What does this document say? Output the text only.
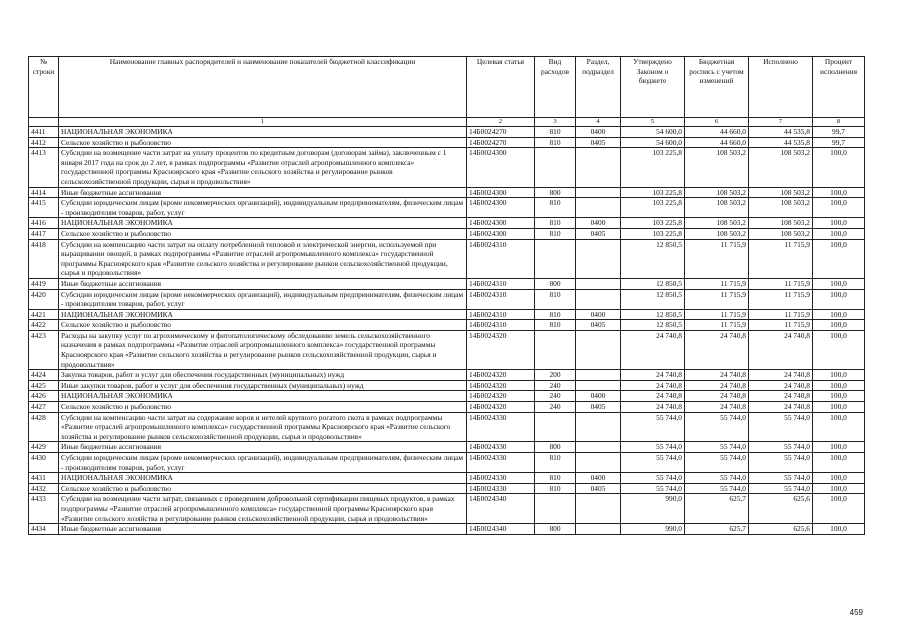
№ строки	Наименование главных распорядителей и наименование показателей бюджетной классификации	Целевая статья	Вид расходов	Раздел, подраздел	Утверждено Законом о бюджете	Бюджетная роспись с учетом изменений	Исполнено	Процент исполнения
	1	2	3	4	5	6	7	8
4411	НАЦИОНАЛЬНАЯ ЭКОНОМИКА	14Б0024270	810	0400	54 600,0	44 660,0	44 535,8	99,7
4412	Сельское хозяйство и рыболовство	14Б0024270	810	0405	54 600,0	44 660,0	44 535,8	99,7
4413	Субсидии на возмещение части затрат на уплату процентов по кредитным договорам (договорам займа), заключенным с 1 января 2017 года на срок до 2 лет, в рамках подпрограммы «Развитие отраслей агропромышленного комплекса» государственной программы Красноярского края «Развитие сельского хозяйства и регулирование рынков сельскохозяйственной продукции, сырья и продовольствия»	14Б0024300			103 225,8	108 503,2	108 503,2	100,0
4414	Иные бюджетные ассигнования	14Б0024300	800		103 225,8	108 503,2	108 503,2	100,0
4415	Субсидии юридическим лицам (кроме некоммерческих организаций), индивидуальным предпринимателям, физическим лицам - производителям товаров, работ, услуг	14Б0024300	810		103 225,8	108 503,2	108 503,2	100,0
4416	НАЦИОНАЛЬНАЯ ЭКОНОМИКА	14Б0024300	810	0400	103 225,8	108 503,2	108 503,2	100,0
4417	Сельское хозяйство и рыболовство	14Б0024300	810	0405	103 225,8	108 503,2	108 503,2	100,0
4418	Субсидии на компенсацию части затрат на оплату потребленной тепловой и электрической энергии, используемой при выращивании овощей, в рамках подпрограммы «Развитие отраслей агропромышленного комплекса» государственной программы Красноярского края «Развитие сельского хозяйства и регулирование рынков сельскохозяйственной продукции, сырья и продовольствия»	14Б0024310			12 850,5	11 715,9	11 715,9	100,0
4419	Иные бюджетные ассигнования	14Б0024310	800		12 850,5	11 715,9	11 715,9	100,0
4420	Субсидии юридическим лицам (кроме некоммерческих организаций), индивидуальным предпринимателям, физическим лицам - производителям товаров, работ, услуг	14Б0024310	810		12 850,5	11 715,9	11 715,9	100,0
4421	НАЦИОНАЛЬНАЯ ЭКОНОМИКА	14Б0024310	810	0400	12 850,5	11 715,9	11 715,9	100,0
4422	Сельское хозяйство и рыболовство	14Б0024310	810	0405	12 850,5	11 715,9	11 715,9	100,0
4423	Расходы на закупку услуг по агрохимическому и фитопатологическому обследованию земель сельскохозяйственного назначения в рамках подпрограммы «Развитие отраслей агропромышленного комплекса» государственной программы Красноярского края «Развитие сельского хозяйства и регулирование рынков сельскохозяйственной продукции, сырья и продовольствия»	14Б0024320			24 740,8	24 740,8	24 740,8	100,0
4424	Закупка товаров, работ и услуг для обеспечения государственных (муниципальных) нужд	14Б0024320	200		24 740,8	24 740,8	24 740,8	100,0
4425	Иные закупки товаров, работ и услуг для обеспечения государственных (муниципальных) нужд	14Б0024320	240		24 740,8	24 740,8	24 740,8	100,0
4426	НАЦИОНАЛЬНАЯ ЭКОНОМИКА	14Б0024320	240	0400	24 740,8	24 740,8	24 740,8	100,0
4427	Сельское хозяйство и рыболовство	14Б0024320	240	0405	24 740,8	24 740,8	24 740,8	100,0
4428	Субсидии на компенсацию части затрат на содержание коров и нетелей крупного рогатого скота в рамках подпрограммы «Развитие отраслей агропромышленного комплекса» государственной программы Красноярского края «Развитие сельского хозяйства и регулирование рынков сельскохозяйственной продукции, сырья и продовольствия»	14Б0024330			55 744,0	55 744,0	55 744,0	100,0
4429	Иные бюджетные ассигнования	14Б0024330	800		55 744,0	55 744,0	55 744,0	100,0
4430	Субсидии юридическим лицам (кроме некоммерческих организаций), индивидуальным предпринимателям, физическим лицам - производителям товаров, работ, услуг	14Б0024330	810		55 744,0	55 744,0	55 744,0	100,0
4431	НАЦИОНАЛЬНАЯ ЭКОНОМИКА	14Б0024330	810	0400	55 744,0	55 744,0	55 744,0	100,0
4432	Сельское хозяйство и рыболовство	14Б0024330	810	0405	55 744,0	55 744,0	55 744,0	100,0
4433	Субсидии на возмещение части затрат, связанных с проведением добровольной сертификации пищевых продуктов, в рамках подпрограммы «Развитие отраслей агропромышленного комплекса» государственной программы Красноярского края «Развитие сельского хозяйства и регулирование рынков сельскохозяйственной продукции, сырья и продовольствия»	14Б0024340			990,0	625,7	625,6	100,0
4434	Иные бюджетные ассигнования	14Б0024340	800		990,0	625,7	625,6	100,0
459
